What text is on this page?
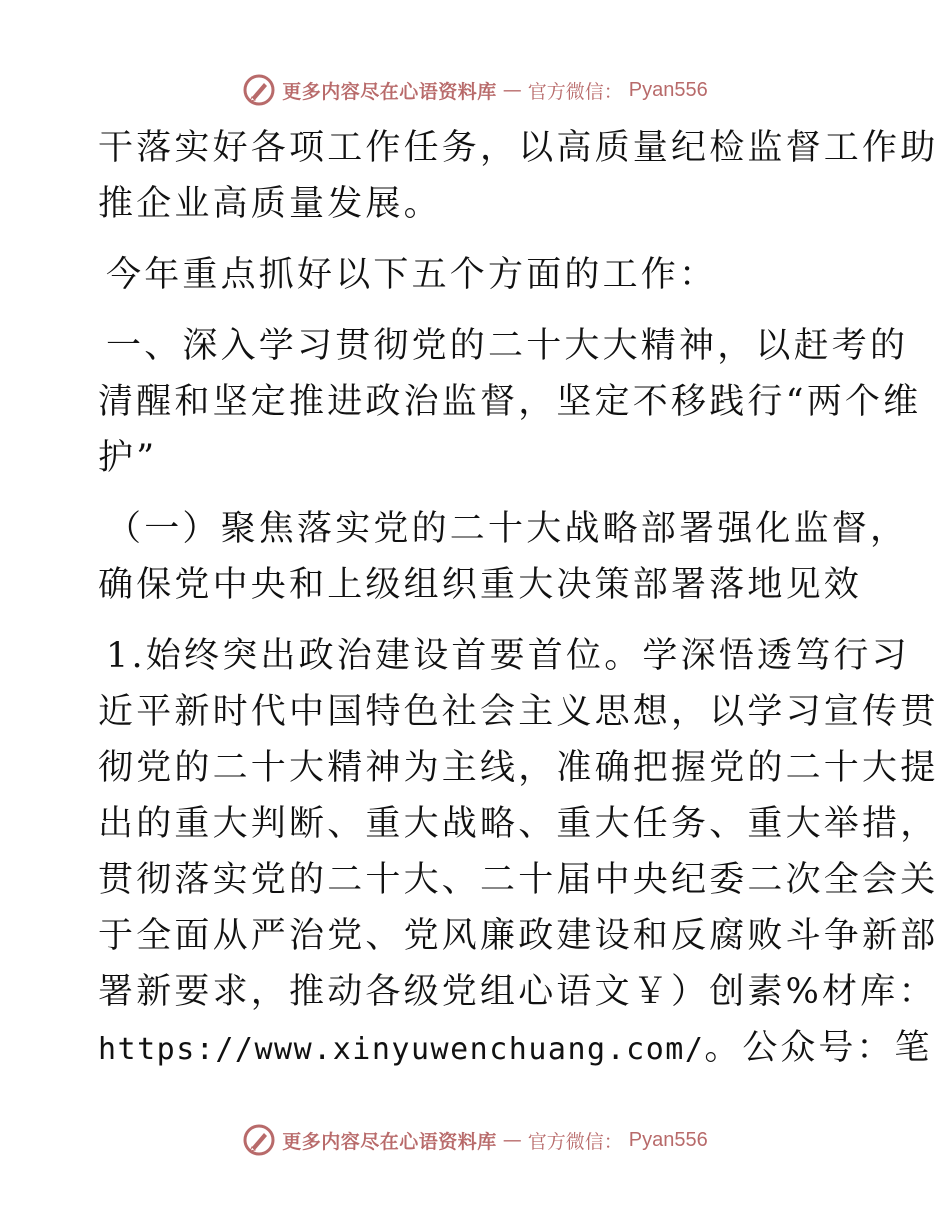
更多内容尽在心语资料库 — 官方微信： Pyan556
干落实好各项工作任务，以高质量纪检监督工作助
推企业高质量发展。
今年重点抓好以下五个方面的工作：
一、深入学习贯彻党的二十大大精神，以赶考的
清醒和坚定推进政治监督，坚定不移践行“两个维
护”
（一）聚焦落实党的二十大战略部署强化监督，
确保党中央和上级组织重大决策部署落地见效
1.始终突出政治建设首要首位。学深悟透笃行习
近平新时代中国特色社会主义思想，以学习宣传贯
彻党的二十大精神为主线，准确把握党的二十大提
出的重大判断、重大战略、重大任务、重大举措，
贯彻落实党的二十大、二十届中央纪委二次全会关
于全面从严治党、党风廉政建设和反腐败斗争新部
署新要求，推动各级党组心语文￥）创素%材库：
https://www.xinyuwenchuang.com/。公众号：笔
更多内容尽在心语资料库 — 官方微信： Pyan556
